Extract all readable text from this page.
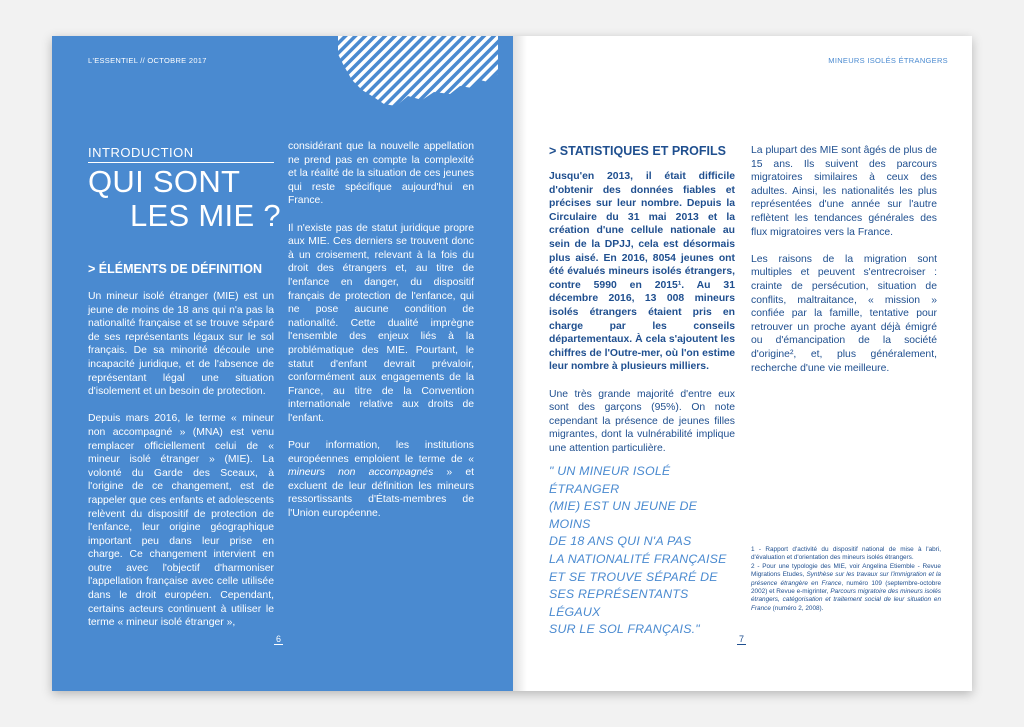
L'ESSENTIEL // OCTOBRE 2017
INTRODUCTION
QUI SONT
LES MIE ?
> ÉLÉMENTS DE DÉFINITION

Un mineur isolé étranger (MIE) est un jeune de moins de 18 ans qui n'a pas la nationalité française et se trouve séparé de ses représentants légaux sur le sol français. De sa minorité découle une incapacité juridique, et de l'absence de représentant légal une situation d'isolement et un besoin de protection.

Depuis mars 2016, le terme « mineur non accompagné » (MNA) est venu remplacer officiellement celui de « mineur isolé étranger » (MIE). La volonté du Garde des Sceaux, à l'origine de ce changement, est de rappeler que ces enfants et adolescents relèvent du dispositif de protection de l'enfance, leur origine géographique important peu dans leur prise en charge. Ce changement intervient en outre avec l'objectif d'harmoniser l'appellation française avec celle utilisée dans le droit européen. Cependant, certains acteurs continuent à utiliser le terme « mineur isolé étranger »,

considérant que la nouvelle appellation ne prend pas en compte la complexité et la réalité de la situation de ces jeunes qui reste spécifique aujourd'hui en France.

Il n'existe pas de statut juridique propre aux MIE. Ces derniers se trouvent donc à un croisement, relevant à la fois du droit des étrangers et, au titre de l'enfance en danger, du dispositif français de protection de l'enfance, qui ne pose aucune condition de nationalité. Cette dualité imprègne l'ensemble des enjeux liés à la problématique des MIE. Pourtant, le statut d'enfant devrait prévaloir, conformément aux engagements de la France, au titre de la Convention internationale relative aux droits de l'enfant.

Pour information, les institutions européennes emploient le terme de « mineurs non accompagnés » et excluent de leur définition les mineurs ressortissants d'États-membres de l'Union européenne.

6
MINEURS ISOLÉS ÉTRANGERS
> STATISTIQUES ET PROFILS

Jusqu'en 2013, il était difficile d'obtenir des données fiables et précises sur leur nombre. Depuis la Circulaire du 31 mai 2013 et la création d'une cellule nationale au sein de la DPJJ, cela est désormais plus aisé. En 2016, 8054 jeunes ont été évalués mineurs isolés étrangers, contre 5990 en 2015¹. Au 31 décembre 2016, 13 008 mineurs isolés étrangers étaient pris en charge par les conseils départementaux. À cela s'ajoutent les chiffres de l'Outre-mer, où l'on estime leur nombre à plusieurs milliers.

Une très grande majorité d'entre eux sont des garçons (95%). On note cependant la présence de jeunes filles migrantes, dont la vulnérabilité implique une attention particulière.

" UN MINEUR ISOLÉ ÉTRANGER
(MIE) EST UN JEUNE DE MOINS
DE 18 ANS QUI N'A PAS
LA NATIONALITÉ FRANÇAISE
ET SE TROUVE SÉPARÉ DE
SES REPRÉSENTANTS LÉGAUX
SUR LE SOL FRANÇAIS."

La plupart des MIE sont âgés de plus de 15 ans. Ils suivent des parcours migratoires similaires à ceux des adultes. Ainsi, les nationalités les plus représentées d'une année sur l'autre reflètent les tendances générales des flux migratoires vers la France.

Les raisons de la migration sont multiples et peuvent s'entrecroiser : crainte de persécution, situation de conflits, maltraitance, « mission » confiée par la famille, tentative pour retrouver un proche ayant déjà émigré ou d'émancipation de la société d'origine², et, plus généralement, recherche d'une vie meilleure.

1 - Rapport d'activité du dispositif national de mise à l'abri, d'évaluation et d'orientation des mineurs isolés étrangers.
2 - Pour une typologie des MIE, voir Angelina Etiemble - Revue Migrations Etudes, Synthèse sur les travaux sur l'immigration et la présence étrangère en France, numéro 109 (septembre-octobre 2002) et Revue e-migrinter, Parcours migratoire des mineurs isolés étrangers, catégorisation et traitement social de leur situation en France (numéro 2, 2008).
7
